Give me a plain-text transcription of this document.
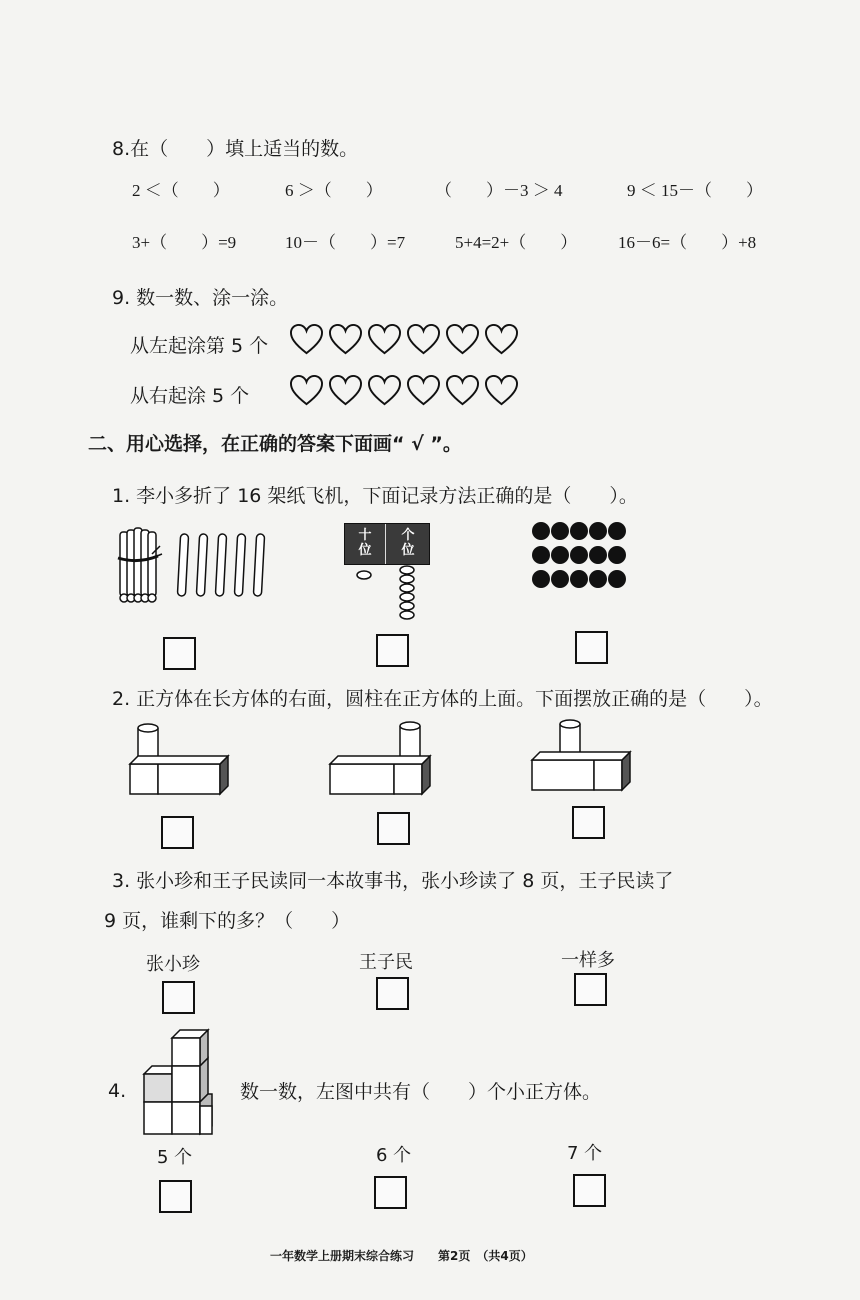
8.在（　　）填上适当的数。
2 ＜（　　）	6 ＞（　　）	（　　）－3 ＞ 4	9 ＜ 15－（　　）
3+（　　）=9	10－（　　）=7	5+4=2+（　　） 16－6=（　　）+8
9. 数一数、涂一涂。
从左起涂第 5 个
从右起涂 5 个
二、用心选择，在正确的答案下面画“ √ ”。
1. 李小多折了 16 架纸飞机，下面记录方法正确的是（　　）。
十
位
个
位
2. 正方体在长方体的右面，圆柱在正方体的上面。下面摆放正确的是（　　）。
3. 张小珍和王子民读同一本故事书，张小珍读了 8 页，王子民读了
9 页，谁剩下的多？（　　）
张小珍	王子民	一样多
4.	数一数，左图中共有（　　）个小正方体。
5 个	6 个	7 个
一年数学上册期末综合练习　　第2页　（共4页）
